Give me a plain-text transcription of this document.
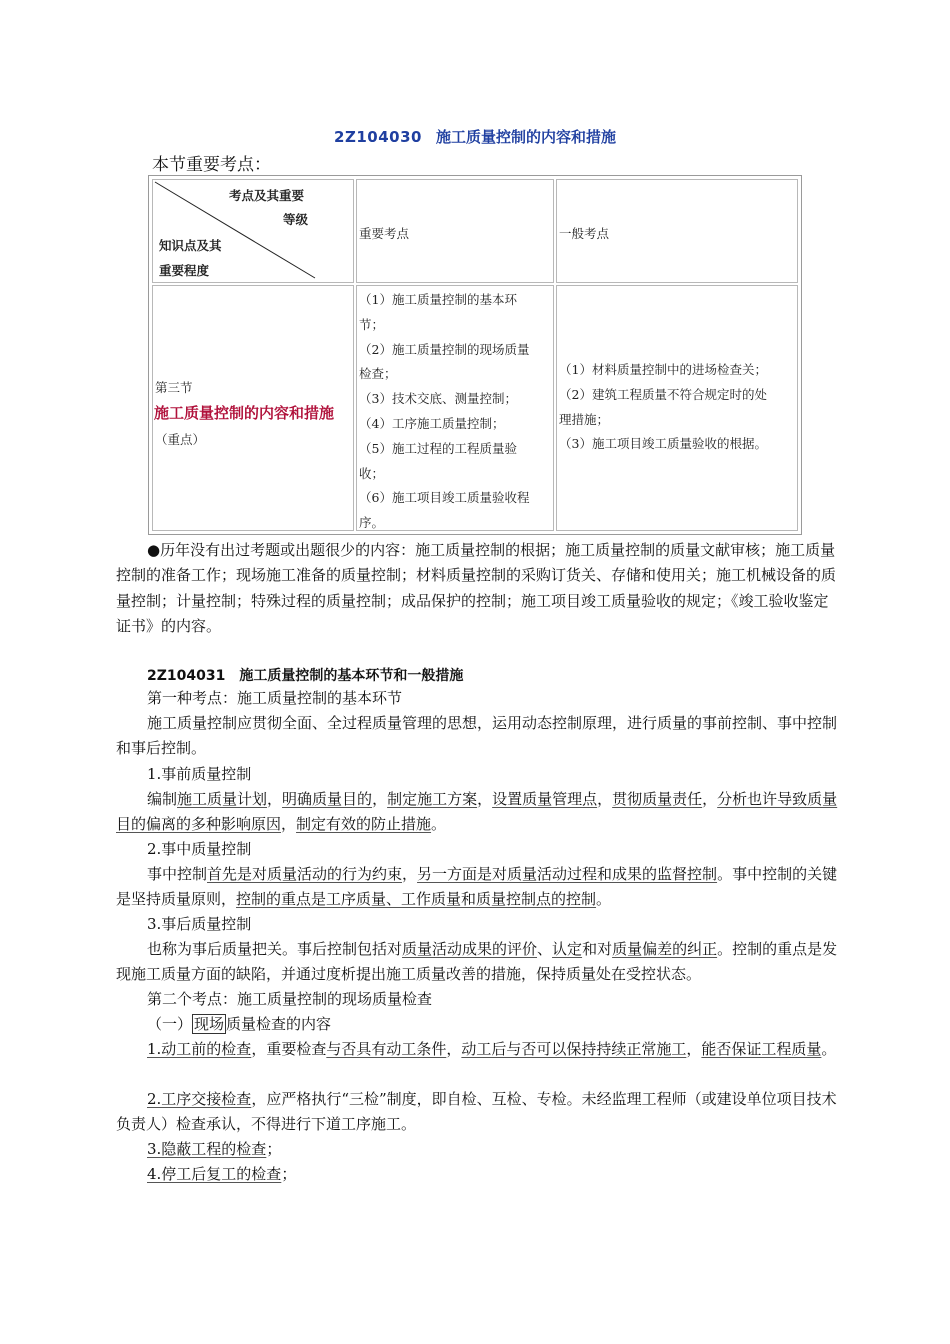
2Z104030 施工质量控制的内容和措施
本节重要考点：
考点及其重要
等级
知识点及其
重要程度
重要考点	一般考点
第三节
施工质量控制的内容和措施
（重点）
（1）施工质量控制的基本环
节；
（2）施工质量控制的现场质量
检查；
（3）技术交底、测量控制；
（4）工序施工质量控制；
（5）施工过程的工程质量验
收；
（6）施工项目竣工质量验收程
序。
（1）材料质量控制中的进场检查关；
（2）建筑工程质量不符合规定时的处
理措施；
（3）施工项目竣工质量验收的根据。
●历年没有出过考题或出题很少的内容：施工质量控制的根据；施工质量控制的质量文献审核；施工质量控制的准备工作；现场施工准备的质量控制；材料质量控制的采购订货关、存储和使用关；施工机械设备的质量控制；计量控制；特殊过程的质量控制；成品保护的控制；施工项目竣工质量验收的规定；《竣工验收鉴定证书》的内容。
2Z104031 施工质量控制的基本环节和一般措施
第一种考点：施工质量控制的基本环节
施工质量控制应贯彻全面、全过程质量管理的思想，运用动态控制原理，进行质量的事前控制、事中控制和事后控制。
1.事前质量控制
编制施工质量计划，明确质量目的，制定施工方案，设置质量管理点，贯彻质量责任，分析也许导致质量目的偏离的多种影响原因，制定有效的防止措施。
2.事中质量控制
事中控制首先是对质量活动的行为约束，另一方面是对质量活动过程和成果的监督控制。事中控制的关键是坚持质量原则，控制的重点是工序质量、工作质量和质量控制点的控制。
3.事后质量控制
也称为事后质量把关。事后控制包括对质量活动成果的评价、认定和对质量偏差的纠正。控制的重点是发现施工质量方面的缺陷，并通过度析提出施工质量改善的措施，保持质量处在受控状态。
第二个考点：施工质量控制的现场质量检查
（一） 现场 质量检查的内容
1.动工前的检查，重要检查与否具有动工条件，动工后与否可以保持持续正常施工，能否保证工程质量。
2.工序交接检查，应严格执行“三检”制度，即自检、互检、专检。未经监理工程师（或建设单位项目技术负责人）检查承认，不得进行下道工序施工。
3.隐蔽工程的检查；
4.停工后复工的检查；
